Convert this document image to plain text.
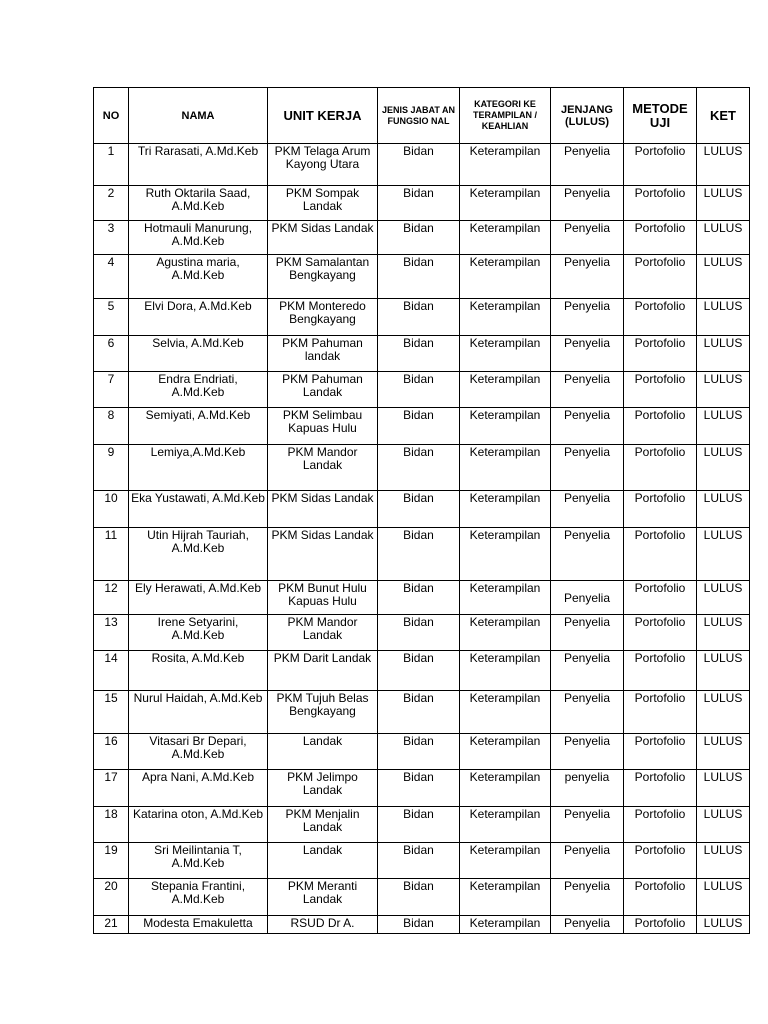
NO	NAMA	UNIT KERJA	JENIS JABAT AN FUNGSIO NAL	KATEGORI KE TERAMPILAN / KEAHLIAN	JENJANG (LULUS)	METODE UJI	KET
1	Tri Rarasati, A.Md.Keb	PKM Telaga Arum Kayong Utara	Bidan	Keterampilan	Penyelia	Portofolio	LULUS
2	Ruth Oktarila Saad, A.Md.Keb	PKM Sompak Landak	Bidan	Keterampilan	Penyelia	Portofolio	LULUS
3	Hotmauli Manurung, A.Md.Keb	PKM Sidas Landak	Bidan	Keterampilan	Penyelia	Portofolio	LULUS
4	Agustina maria, A.Md.Keb	PKM Samalantan Bengkayang	Bidan	Keterampilan	Penyelia	Portofolio	LULUS
5	Elvi Dora, A.Md.Keb	PKM Monteredo Bengkayang	Bidan	Keterampilan	Penyelia	Portofolio	LULUS
6	Selvia, A.Md.Keb	PKM Pahuman landak	Bidan	Keterampilan	Penyelia	Portofolio	LULUS
7	Endra Endriati, A.Md.Keb	PKM Pahuman Landak	Bidan	Keterampilan	Penyelia	Portofolio	LULUS
8	Semiyati, A.Md.Keb	PKM Selimbau Kapuas Hulu	Bidan	Keterampilan	Penyelia	Portofolio	LULUS
9	Lemiya,A.Md.Keb	PKM Mandor Landak	Bidan	Keterampilan	Penyelia	Portofolio	LULUS
10	Eka Yustawati, A.Md.Keb	PKM Sidas Landak	Bidan	Keterampilan	Penyelia	Portofolio	LULUS
11	Utin Hijrah Tauriah, A.Md.Keb	PKM Sidas Landak	Bidan	Keterampilan	Penyelia	Portofolio	LULUS
12	Ely Herawati, A.Md.Keb	PKM Bunut Hulu Kapuas Hulu	Bidan	Keterampilan	Penyelia	Portofolio	LULUS
13	Irene Setyarini, A.Md.Keb	PKM Mandor Landak	Bidan	Keterampilan	Penyelia	Portofolio	LULUS
14	Rosita, A.Md.Keb	PKM Darit Landak	Bidan	Keterampilan	Penyelia	Portofolio	LULUS
15	Nurul Haidah, A.Md.Keb	PKM Tujuh Belas Bengkayang	Bidan	Keterampilan	Penyelia	Portofolio	LULUS
16	Vitasari Br Depari, A.Md.Keb	Landak	Bidan	Keterampilan	Penyelia	Portofolio	LULUS
17	Apra Nani, A.Md.Keb	PKM Jelimpo Landak	Bidan	Keterampilan	penyelia	Portofolio	LULUS
18	Katarina oton, A.Md.Keb	PKM Menjalin Landak	Bidan	Keterampilan	Penyelia	Portofolio	LULUS
19	Sri Meilintania T, A.Md.Keb	Landak	Bidan	Keterampilan	Penyelia	Portofolio	LULUS
20	Stepania Frantini, A.Md.Keb	PKM Meranti Landak	Bidan	Keterampilan	Penyelia	Portofolio	LULUS
21	Modesta Emakuletta	RSUD Dr A.	Bidan	Keterampilan	Penyelia	Portofolio	LULUS
